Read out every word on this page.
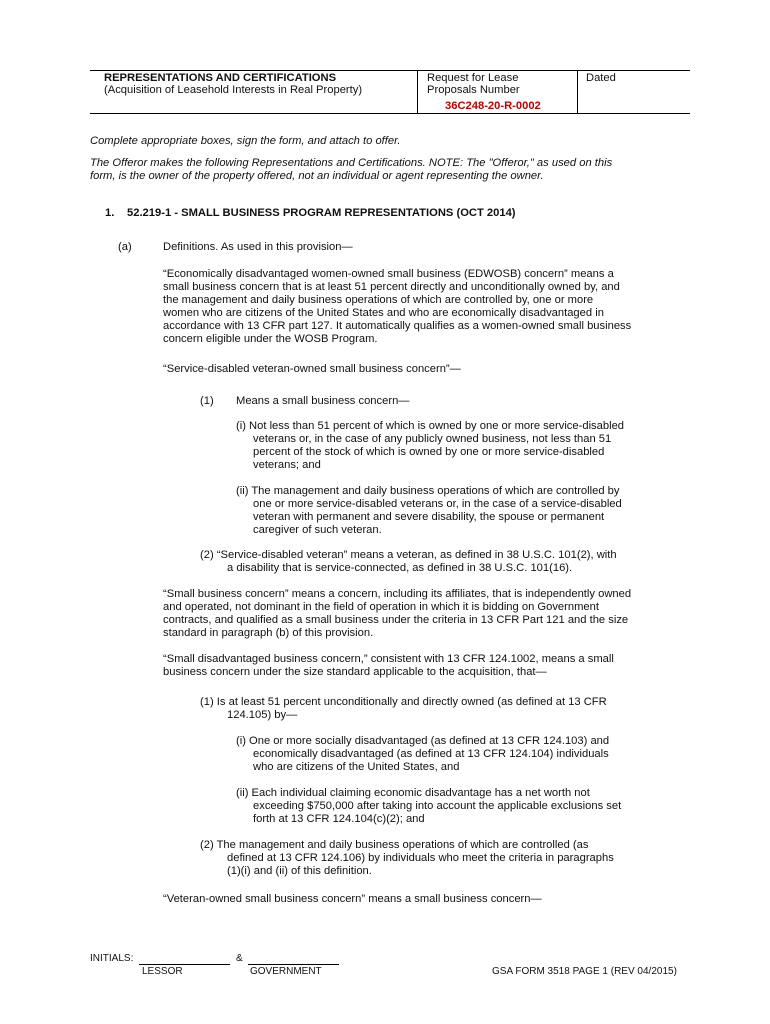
REPRESENTATIONS AND CERTIFICATIONS
(Acquisition of Leasehold Interests in Real Property)
Request for Lease
Proposals Number
36C248-20-R-0002
Dated
Complete appropriate boxes, sign the form, and attach to offer.
The Offeror makes the following Representations and Certifications. NOTE: The "Offeror," as used on this
form, is the owner of the property offered, not an individual or agent representing the owner.
1. 52.219-1 - SMALL BUSINESS PROGRAM REPRESENTATIONS (OCT 2014)
(a)	Definitions. As used in this provision—
“Economically disadvantaged women-owned small business (EDWOSB) concern” means a
small business concern that is at least 51 percent directly and unconditionally owned by, and
the management and daily business operations of which are controlled by, one or more
women who are citizens of the United States and who are economically disadvantaged in
accordance with 13 CFR part 127. It automatically qualifies as a women-owned small business
concern eligible under the WOSB Program.
“Service-disabled veteran-owned small business concern”—
(1) Means a small business concern—
(i) Not less than 51 percent of which is owned by one or more service-disabled
veterans or, in the case of any publicly owned business, not less than 51
percent of the stock of which is owned by one or more service-disabled
veterans; and
(ii) The management and daily business operations of which are controlled by
one or more service-disabled veterans or, in the case of a service-disabled
veteran with permanent and severe disability, the spouse or permanent
caregiver of such veteran.
(2) “Service-disabled veteran” means a veteran, as defined in 38 U.S.C. 101(2), with
a disability that is service-connected, as defined in 38 U.S.C. 101(16).
“Small business concern” means a concern, including its affiliates, that is independently owned
and operated, not dominant in the field of operation in which it is bidding on Government
contracts, and qualified as a small business under the criteria in 13 CFR Part 121 and the size
standard in paragraph (b) of this provision.
“Small disadvantaged business concern,” consistent with 13 CFR 124.1002, means a small
business concern under the size standard applicable to the acquisition, that—
(1) Is at least 51 percent unconditionally and directly owned (as defined at 13 CFR
124.105) by—
(i) One or more socially disadvantaged (as defined at 13 CFR 124.103) and
economically disadvantaged (as defined at 13 CFR 124.104) individuals
who are citizens of the United States, and
(ii) Each individual claiming economic disadvantage has a net worth not
exceeding $750,000 after taking into account the applicable exclusions set
forth at 13 CFR 124.104(c)(2); and
(2) The management and daily business operations of which are controlled (as
defined at 13 CFR 124.106) by individuals who meet the criteria in paragraphs
(1)(i) and (ii) of this definition.
“Veteran-owned small business concern” means a small business concern—
INITIALS:	&
LESSOR	GOVERNMENT	GSA FORM 3518 PAGE 1 (REV 04/2015)
